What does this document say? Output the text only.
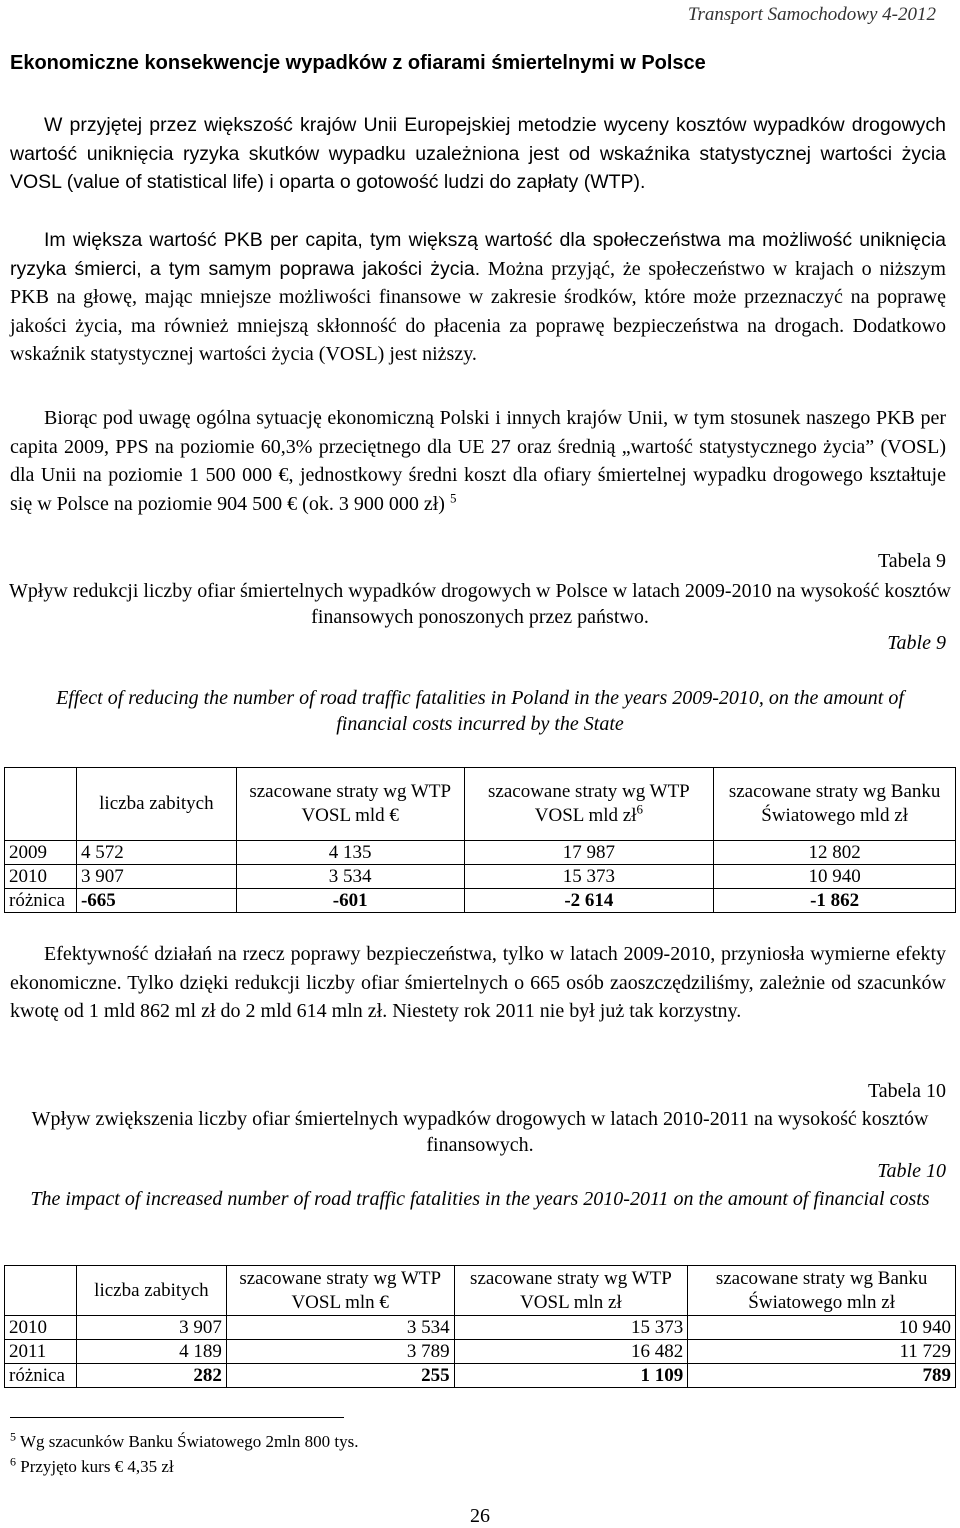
Transport Samochodowy 4-2012
Ekonomiczne konsekwencje wypadków z ofiarami śmiertelnymi w Polsce
W przyjętej przez większość krajów Unii Europejskiej metodzie wyceny kosztów wypadków drogowych wartość uniknięcia ryzyka skutków wypadku uzależniona jest od wskaźnika statystycznej wartości życia VOSL (value of statistical life) i oparta o gotowość ludzi do zapłaty (WTP).
Im większa wartość PKB per capita, tym większą wartość dla społeczeństwa ma możliwość uniknięcia ryzyka śmierci, a tym samym poprawa jakości życia. Można przyjąć, że społeczeństwo w krajach o niższym PKB na głowę, mając mniejsze możliwości finansowe w zakresie środków, które może przeznaczyć na poprawę jakości życia, ma również mniejszą skłonność do płacenia za poprawę bezpieczeństwa na drogach. Dodatkowo wskaźnik statystycznej wartości życia (VOSL) jest niższy.
Biorąc pod uwagę ogólna sytuację ekonomiczną Polski i innych krajów Unii, w tym stosunek naszego PKB per capita 2009, PPS na poziomie 60,3% przeciętnego dla UE 27 oraz średnią „wartość statystycznego życia” (VOSL) dla Unii na poziomie 1 500 000 €, jednostkowy średni koszt dla ofiary śmiertelnej wypadku drogowego kształtuje się w Polsce na poziomie 904 500 € (ok. 3 900 000 zł) $^5$
Tabela 9
Wpływ redukcji liczby ofiar śmiertelnych wypadków drogowych w Polsce w latach 2009-2010 na wysokość kosztów finansowych ponoszonych przez państwo.
Table 9
Effect of reducing the number of road traffic fatalities in Poland in the years 2009-2010, on the amount of financial costs incurred by the State
	liczba zabitych	szacowane straty wg WTP VOSL mld €	szacowane straty wg WTP VOSL mld $zł^6$	szacowane straty wg Banku Światowego mld zł
2009	4 572	4 135	17 987	12 802
2010	3 907	3 534	15 373	10 940
różnica	-665	-601	-2 614	-1 862
Efektywność działań na rzecz poprawy bezpieczeństwa, tylko w latach 2009-2010, przyniosła wymierne efekty ekonomiczne. Tylko dzięki redukcji liczby ofiar śmiertelnych o 665 osób zaoszczędziliśmy, zależnie od szacunków kwotę od 1 mld 862 ml zł do 2 mld 614 mln zł. Niestety rok 2011 nie był już tak korzystny.
Tabela 10
Wpływ zwiększenia liczby ofiar śmiertelnych wypadków drogowych w latach 2010-2011 na wysokość kosztów finansowych.
Table 10
The impact of increased number of road traffic fatalities in the years 2010-2011 on the amount of financial costs
	liczba zabitych	szacowane straty wg WTP VOSL mln €	szacowane straty wg WTP VOSL mln zł	szacowane straty wg Banku Światowego mln zł
2010	3 907	3 534	15 373	10 940
2011	4 189	3 789	16 482	11 729
różnica	282	255	1 109	789
$^5$ Wg szacunków Banku Światowego 2mln 800 tys.
$^6$ Przyjęto kurs € 4,35 zł
26
